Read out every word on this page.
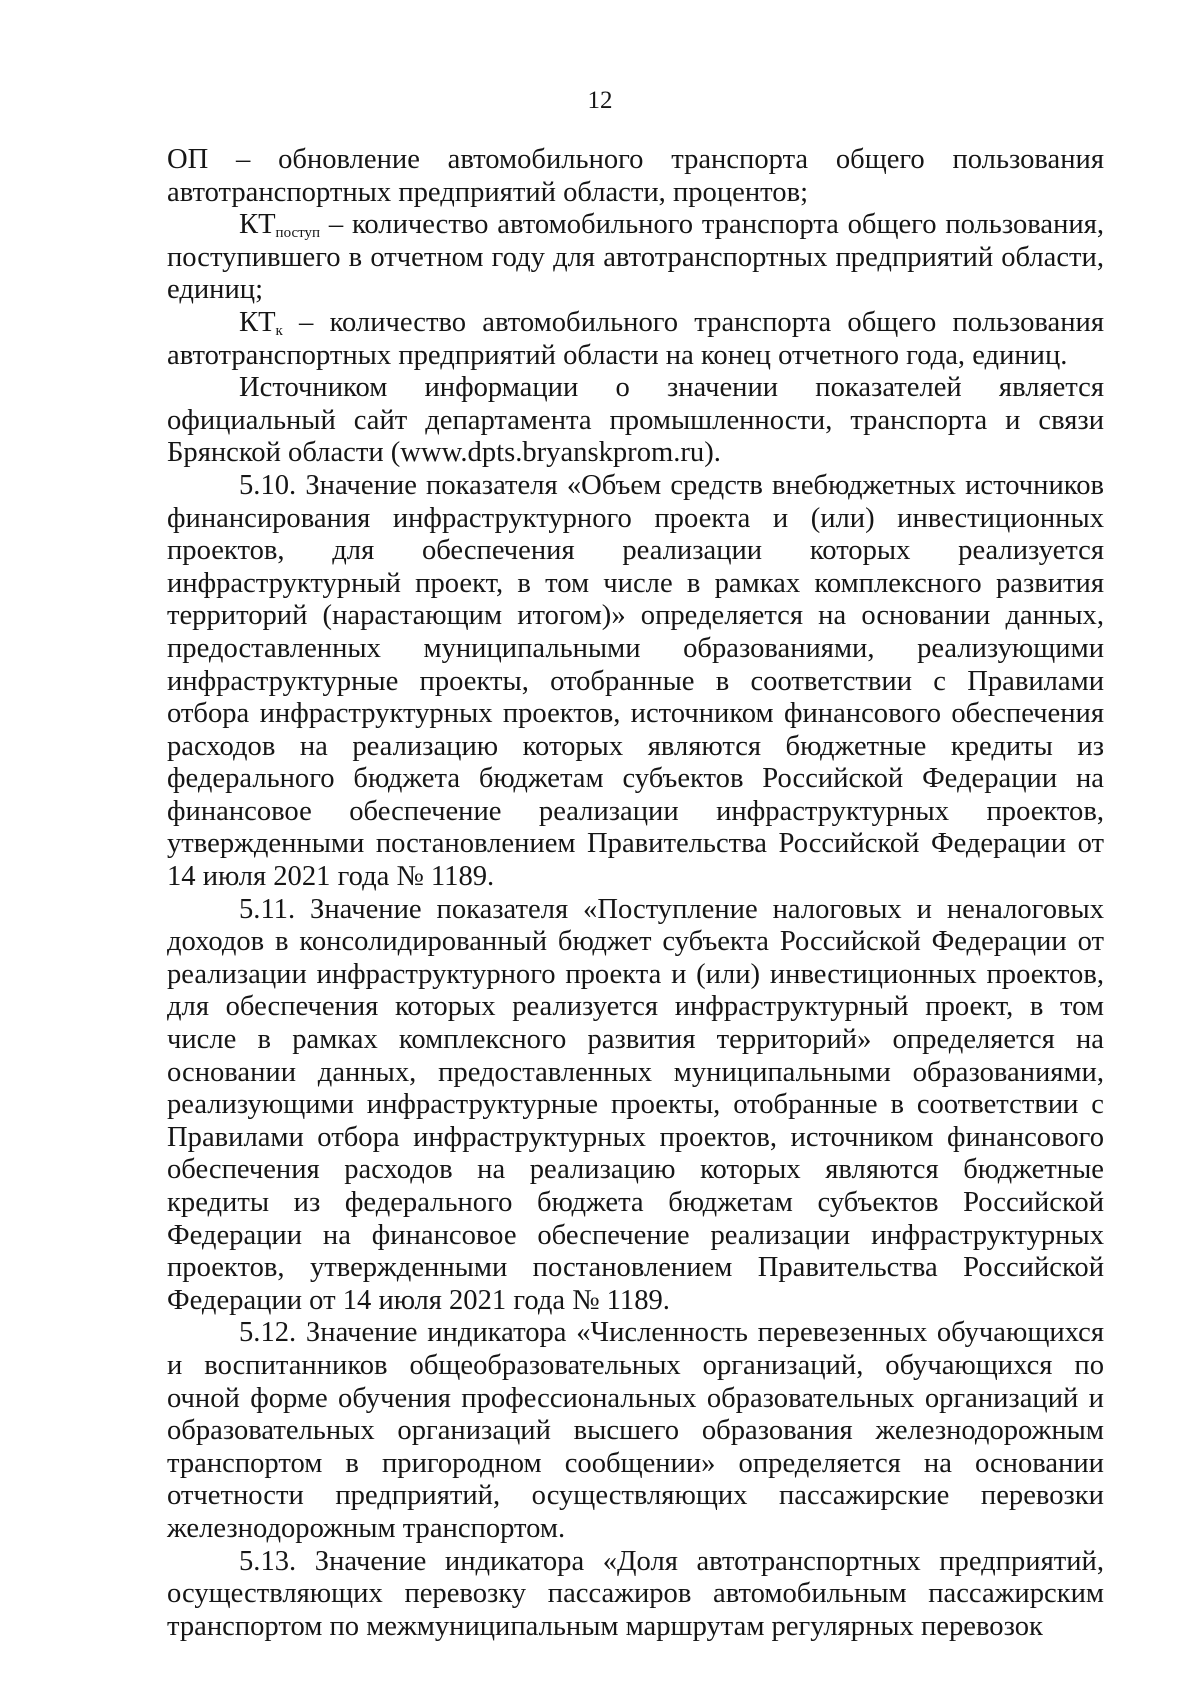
12

ОП – обновление автомобильного транспорта общего пользования автотранспортных предприятий области, процентов;

$КТ_{поступ}$ – количество автомобильного транспорта общего пользования, поступившего в отчетном году для автотранспортных предприятий области, единиц;

$КТ_к$ – количество автомобильного транспорта общего пользования автотранспортных предприятий области на конец отчетного года, единиц.

Источником информации о значении показателей является официальный сайт департамента промышленности, транспорта и связи Брянской области (www.dpts.bryanskprom.ru).

5.10. Значение показателя «Объем средств внебюджетных источников финансирования инфраструктурного проекта и (или) инвестиционных проектов, для обеспечения реализации которых реализуется инфраструктурный проект, в том числе в рамках комплексного развития территорий (нарастающим итогом)» определяется на основании данных, предоставленных муниципальными образованиями, реализующими инфраструктурные проекты, отобранные в соответствии с Правилами отбора инфраструктурных проектов, источником финансового обеспечения расходов на реализацию которых являются бюджетные кредиты из федерального бюджета бюджетам субъектов Российской Федерации на финансовое обеспечение реализации инфраструктурных проектов, утвержденными постановлением Правительства Российской Федерации от 14 июля 2021 года № 1189.

5.11. Значение показателя «Поступление налоговых и неналоговых доходов в консолидированный бюджет субъекта Российской Федерации от реализации инфраструктурного проекта и (или) инвестиционных проектов, для обеспечения которых реализуется инфраструктурный проект, в том числе в рамках комплексного развития территорий» определяется на основании данных, предоставленных муниципальными образованиями, реализующими инфраструктурные проекты, отобранные в соответствии с Правилами отбора инфраструктурных проектов, источником финансового обеспечения расходов на реализацию которых являются бюджетные кредиты из федерального бюджета бюджетам субъектов Российской Федерации на финансовое обеспечение реализации инфраструктурных проектов, утвержденными постановлением Правительства Российской Федерации от 14 июля 2021 года № 1189.

5.12. Значение индикатора «Численность перевезенных обучающихся и воспитанников общеобразовательных организаций, обучающихся по очной форме обучения профессиональных образовательных организаций и образовательных организаций высшего образования железнодорожным транспортом в пригородном сообщении» определяется на основании отчетности предприятий, осуществляющих пассажирские перевозки железнодорожным транспортом.

5.13. Значение индикатора «Доля автотранспортных предприятий, осуществляющих перевозку пассажиров автомобильным пассажирским транспортом по межмуниципальным маршрутам регулярных перевозок
